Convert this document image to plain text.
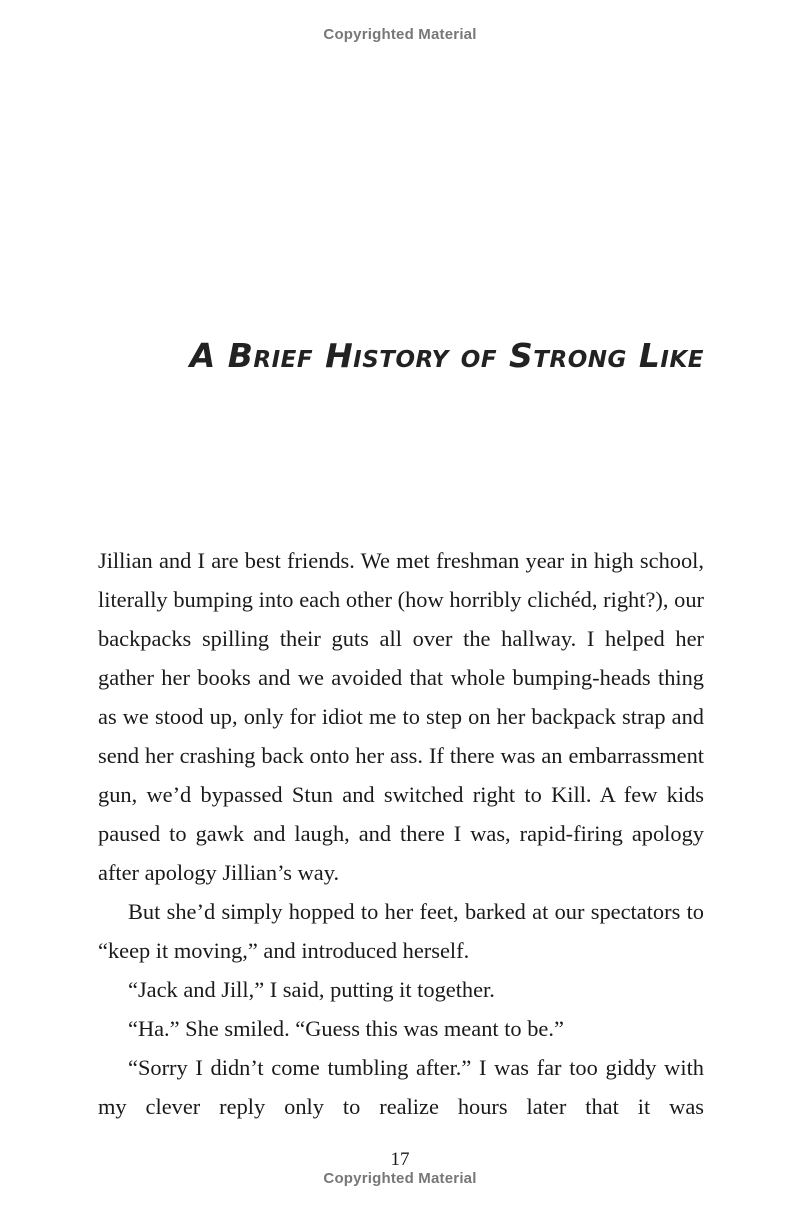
Copyrighted Material
A Brief History of Strong Like

Jillian and I are best friends. We met freshman year in high school, literally bumping into each other (how horribly clichéd, right?), our backpacks spilling their guts all over the hallway. I helped her gather her books and we avoided that whole bumping-heads thing as we stood up, only for idiot me to step on her backpack strap and send her crashing back onto her ass. If there was an embarrassment gun, we’d bypassed Stun and switched right to Kill. A few kids paused to gawk and laugh, and there I was, rapid-firing apology after apology Jillian’s way.

But she’d simply hopped to her feet, barked at our spectators to “keep it moving,” and introduced herself.

“Jack and Jill,” I said, putting it together.

“Ha.” She smiled. “Guess this was meant to be.”

“Sorry I didn’t come tumbling after.” I was far too giddy with my clever reply only to realize hours later that it was

17
Copyrighted Material
